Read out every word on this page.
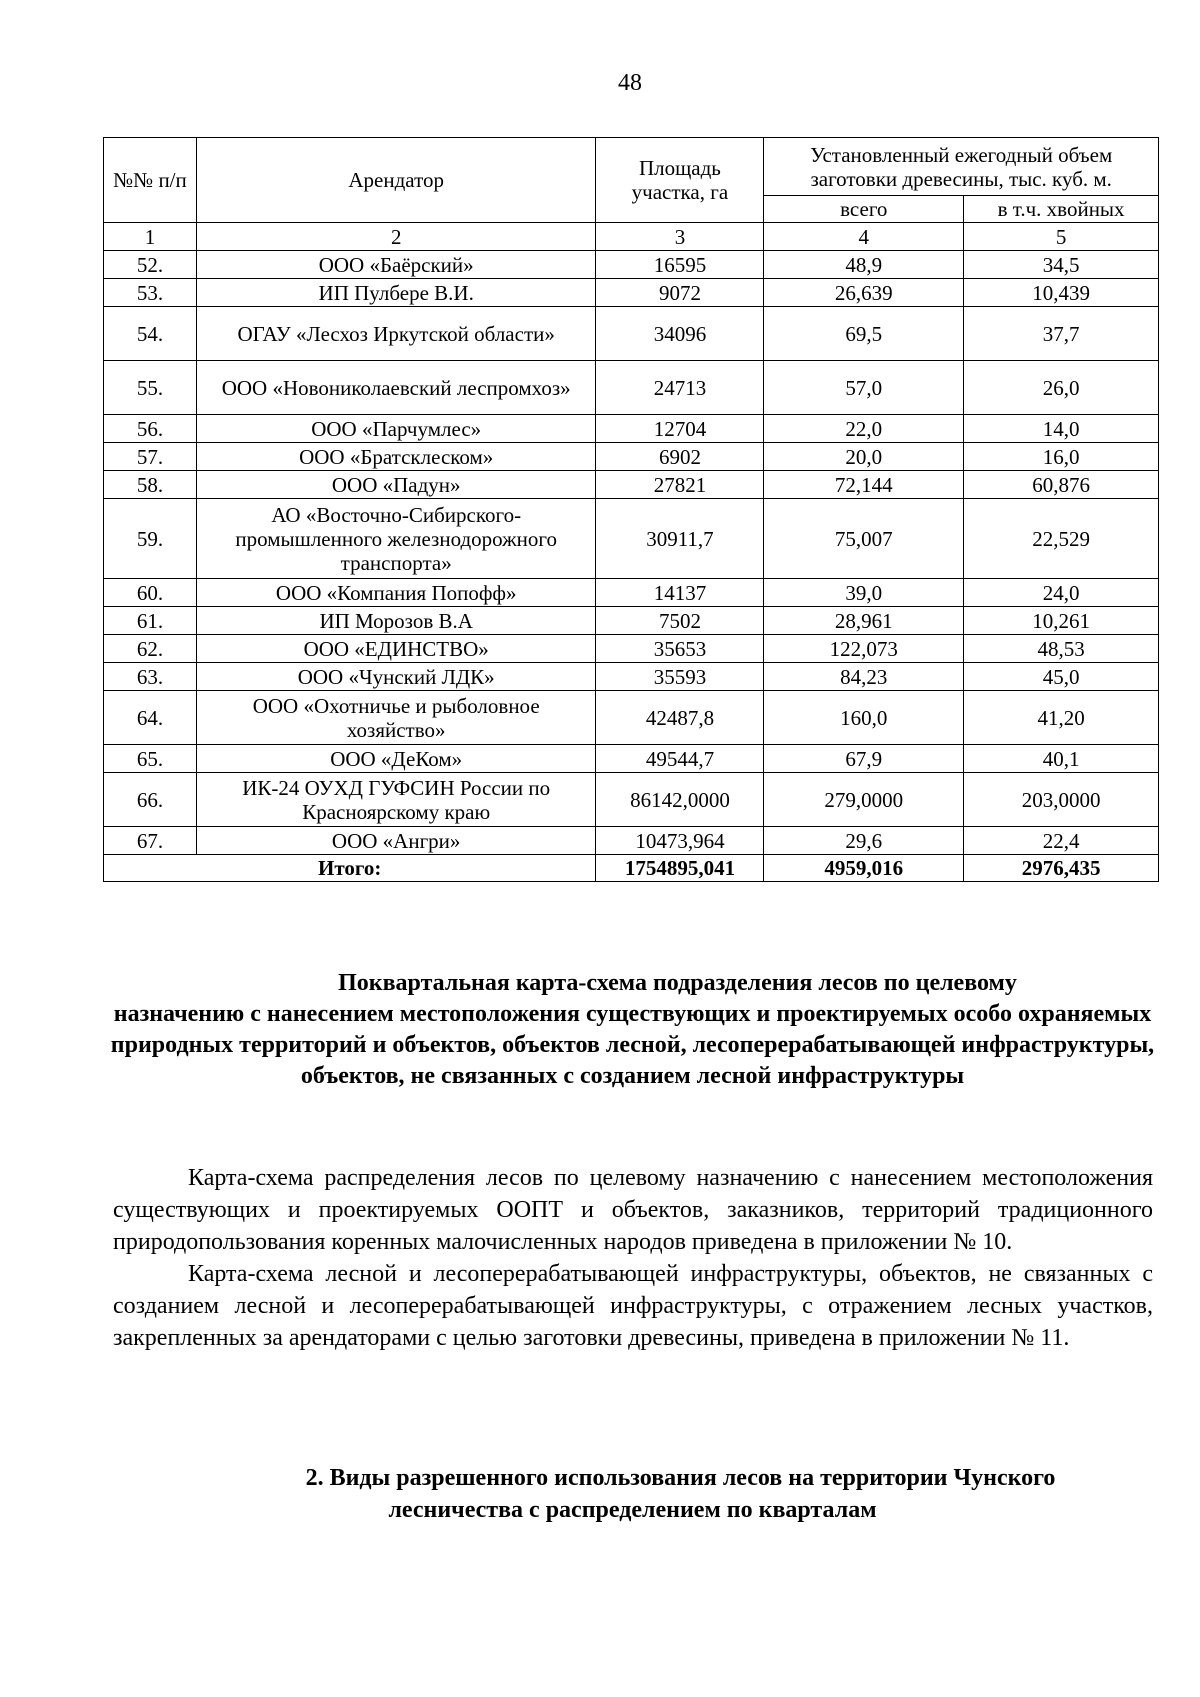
48
№№ п/п	Арендатор	Площадь участка, га	Установленный ежегодный объем заготовки древесины, тыс. куб. м.	
			всего	в т.ч. хвойных
1	2	3	4	5
52.	ООО «Баёрский»	16595	48,9	34,5
53.	ИП Пулбере В.И.	9072	26,639	10,439
54.	ОГАУ «Лесхоз Иркутской области»	34096	69,5	37,7
55.	ООО «Новониколаевский леспромхоз»	24713	57,0	26,0
56.	ООО «Парчумлес»	12704	22,0	14,0
57.	ООО «Братсклеском»	6902	20,0	16,0
58.	ООО «Падун»	27821	72,144	60,876
59.	АО «Восточно-Сибирского-промышленного железнодорожного транспорта»	30911,7	75,007	22,529
60.	ООО «Компания Попофф»	14137	39,0	24,0
61.	ИП Морозов В.А	7502	28,961	10,261
62.	ООО «ЕДИНСТВО»	35653	122,073	48,53
63.	ООО «Чунский ЛДК»	35593	84,23	45,0
64.	ООО «Охотничье и рыболовное хозяйство»	42487,8	160,0	41,20
65.	ООО «ДеКом»	49544,7	67,9	40,1
66.	ИК-24 ОУХД ГУФСИН России по Красноярскому краю	86142,0000	279,0000	203,0000
67.	ООО «Ангри»	10473,964	29,6	22,4
Итого:		1754895,041	4959,016	2976,435
Поквартальная карта-схема подразделения лесов по целевому
назначению с нанесением местоположения существующих и проектируемых особо охраняемых природных территорий и объектов, объектов лесной, лесоперерабатывающей инфраструктуры, объектов, не связанных с созданием лесной инфраструктуры

Карта-схема распределения лесов по целевому назначению с нанесением местоположения существующих и проектируемых ООПТ и объектов, заказников, территорий традиционного природопользования коренных малочисленных народов приведена в приложении № 10.

Карта-схема лесной и лесоперерабатывающей инфраструктуры, объектов, не связанных с созданием лесной и лесоперерабатывающей инфраструктуры, с отражением лесных участков, закрепленных за арендаторами с целью заготовки древесины, приведена в приложении № 11.

2. Виды разрешенного использования лесов на территории Чунского
лесничества с распределением по кварталам
